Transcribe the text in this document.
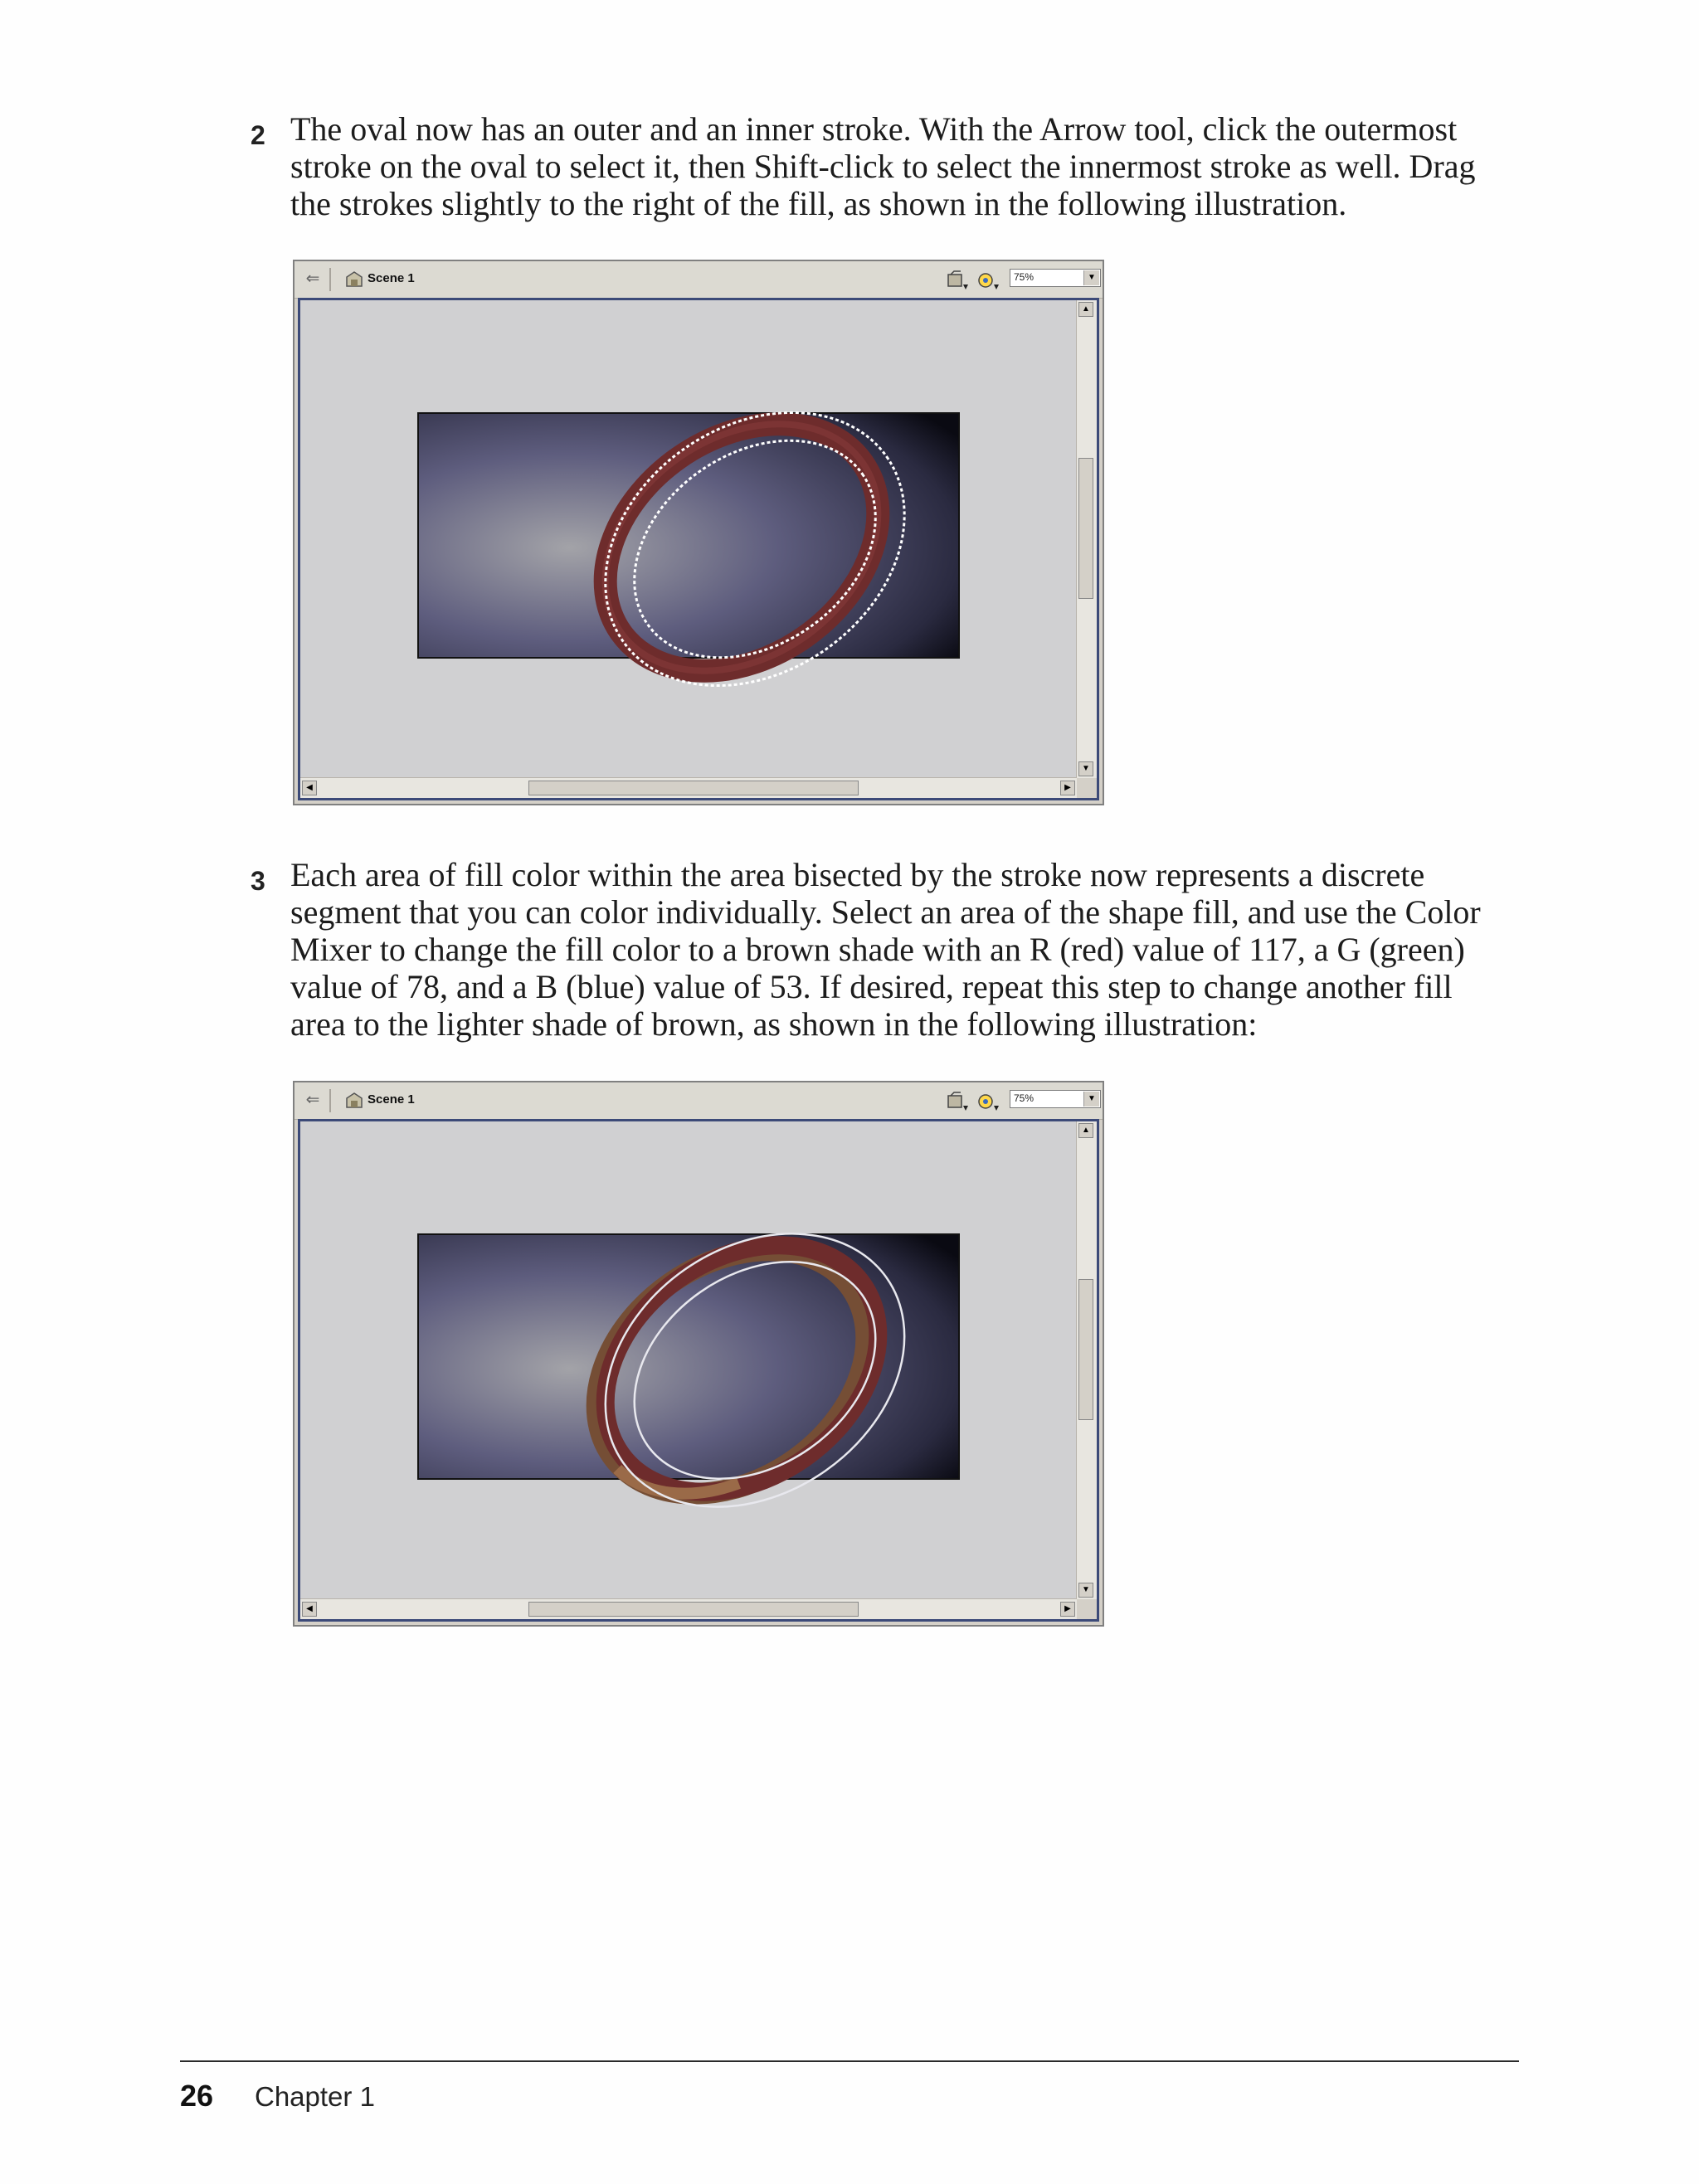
2 The oval now has an outer and an inner stroke. With the Arrow tool, click the outermost stroke on the oval to select it, then Shift-click to select the innermost stroke as well. Drag the strokes slightly to the right of the fill, as shown in the following illustration.

⇐	Scene 1	75%	▼
▲
▼
◀	▶
3 Each area of fill color within the area bisected by the stroke now represents a discrete segment that you can color individually. Select an area of the shape fill, and use the Color Mixer to change the fill color to a brown shade with an R (red) value of 117, a G (green) value of 78, and a B (blue) value of 53. If desired, repeat this step to change another fill area to the lighter shade of brown, as shown in the following illustration:

⇐	Scene 1	75%	▼
▲
▼
◀	▶
26 Chapter 1
